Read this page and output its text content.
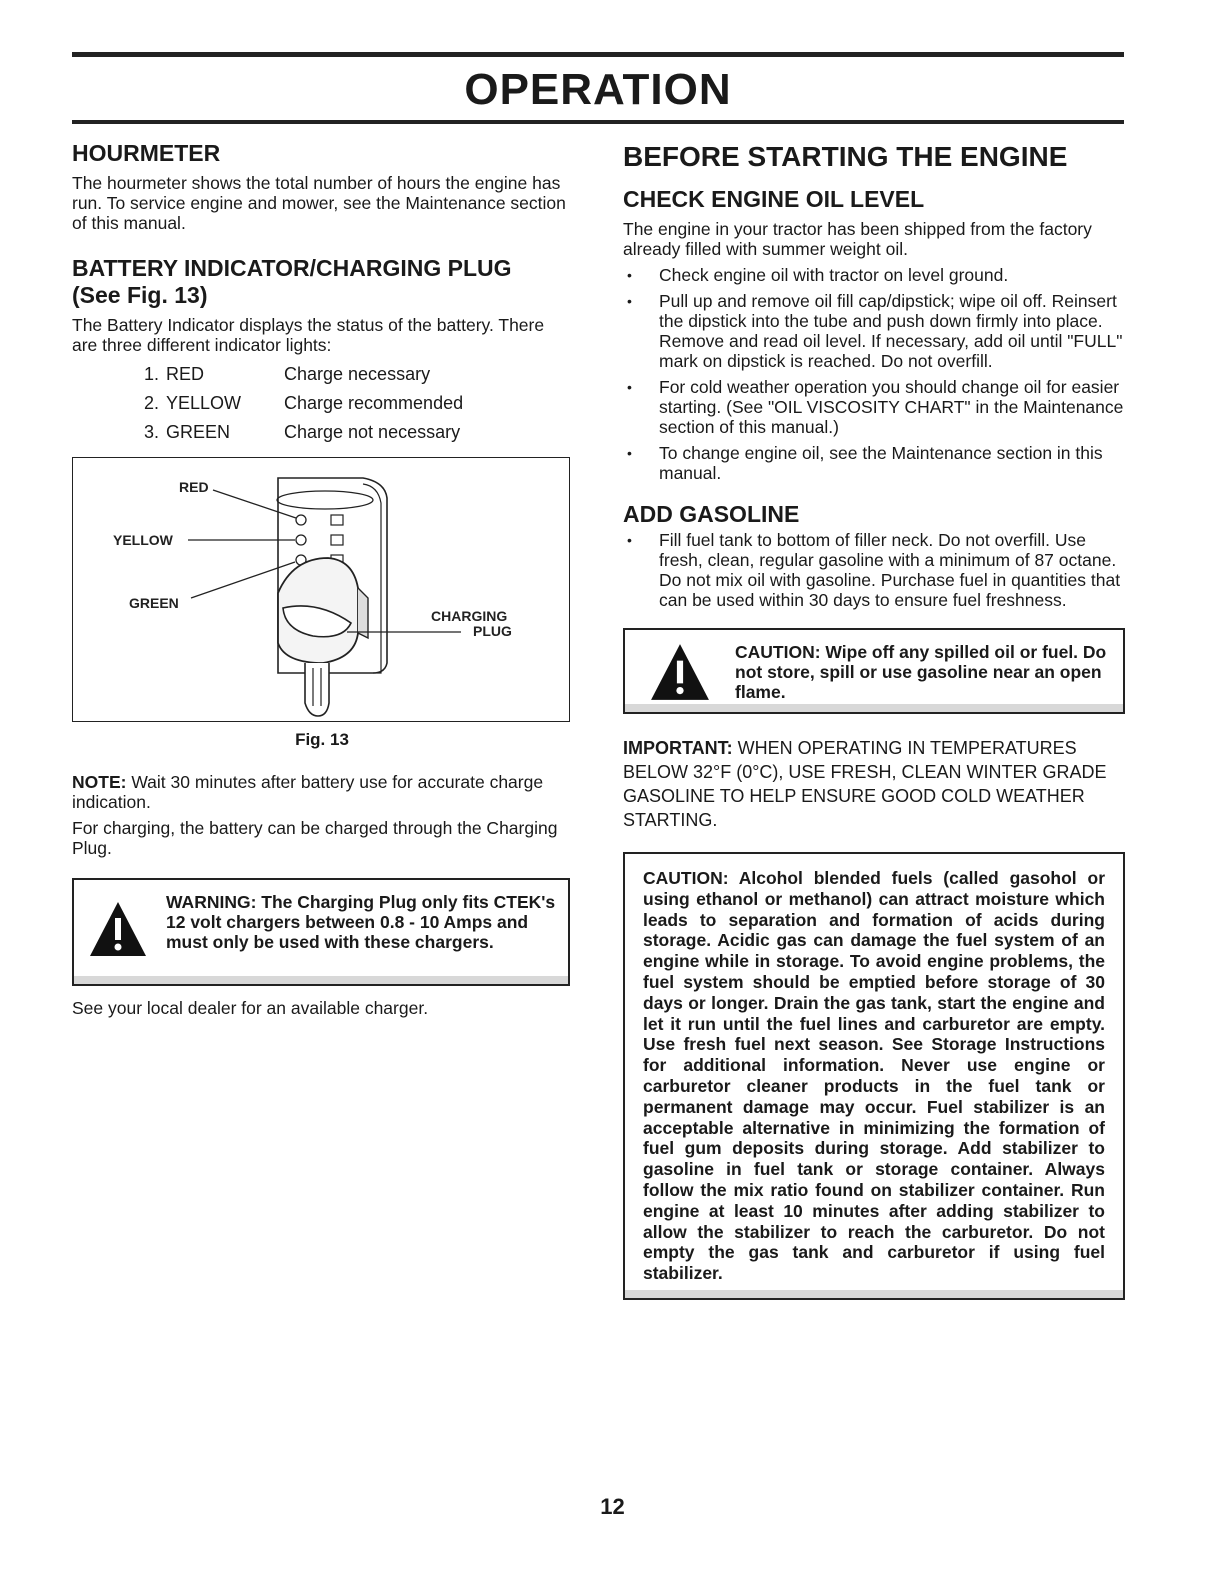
OPERATION
HOURMETER

The hourmeter shows the total number of hours the engine has run. To service engine and mower, see the Maintenance section of this manual.

BATTERY INDICATOR/CHARGING PLUG
(See Fig. 13)

The Battery Indicator displays the status of the battery. There are three different indicator lights:

1. RED	Charge necessary
2. YELLOW	Charge recommended
3. GREEN	Charge not necessary
RED
YELLOW
GREEN
CHARGING
PLUG
Fig. 13

NOTE: Wait 30 minutes after battery use for accurate charge indication.

For charging, the battery can be charged through the Charging Plug.

WARNING: The Charging Plug only fits CTEK's 12 volt chargers between 0.8 - 10 Amps and must only be used with these chargers.

See your local dealer for an available charger.

BEFORE STARTING THE ENGINE
CHECK ENGINE OIL LEVEL

The engine in your tractor has been shipped from the factory already filled with summer weight oil.

• Check engine oil with tractor on level ground.
• Pull up and remove oil fill cap/dipstick; wipe oil off. Reinsert the dipstick into the tube and push down firmly into place. Remove and read oil level. If necessary, add oil until "FULL" mark on dipstick is reached. Do not overfill.
• For cold weather operation you should change oil for easier starting. (See "OIL VISCOSITY CHART" in the Maintenance section of this manual.)
• To change engine oil, see the Maintenance section in this manual.
ADD GASOLINE
• Fill fuel tank to bottom of filler neck. Do not overfill. Use fresh, clean, regular gasoline with a minimum of 87 octane. Do not mix oil with gasoline. Purchase fuel in quantities that can be used within 30 days to ensure fuel freshness.
CAUTION: Wipe off any spilled oil or fuel. Do not store, spill or use gasoline near an open flame.

IMPORTANT: WHEN OPERATING IN TEMPERATURES BELOW 32°F (0°C), USE FRESH, CLEAN WINTER GRADE GASOLINE TO HELP ENSURE GOOD COLD WEATHER STARTING.

CAUTION: Alcohol blended fuels (called gasohol or using ethanol or methanol) can attract moisture which leads to separation and formation of acids during storage. Acidic gas can damage the fuel system of an engine while in storage. To avoid engine problems, the fuel system should be emptied before storage of 30 days or longer. Drain the gas tank, start the engine and let it run until the fuel lines and carburetor are empty. Use fresh fuel next season. See Storage Instructions for additional information. Never use engine or carburetor cleaner products in the fuel tank or permanent damage may occur. Fuel stabilizer is an acceptable alternative in minimizing the formation of fuel gum deposits during storage. Add stabilizer to gasoline in fuel tank or storage container. Always follow the mix ratio found on stabilizer container. Run engine at least 10 minutes after adding stabilizer to allow the stabilizer to reach the carburetor. Do not empty the gas tank and carburetor if using fuel stabilizer.
12
